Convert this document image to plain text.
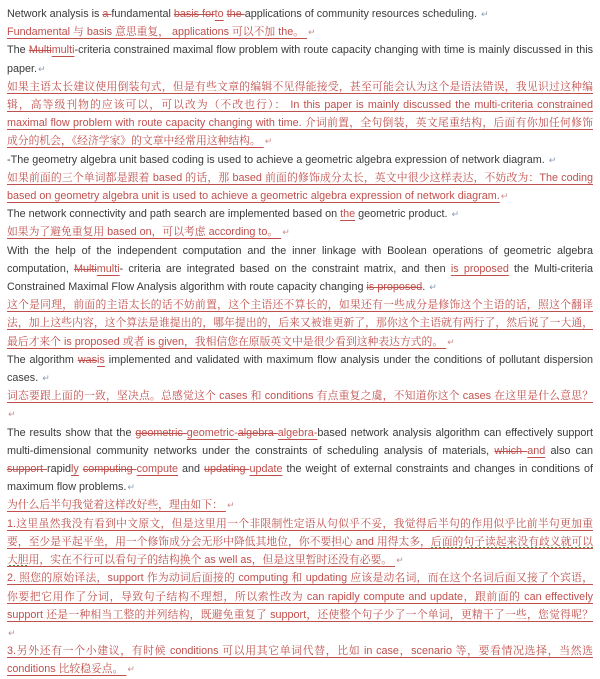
Network analysis is a fundamental basis forto the applications of community resources scheduling. ↵

Fundamental 与 basis 意思重复， applications 可以不加 the。 ↵

The Multimulti-criteria constrained maximal flow problem with route capacity changing with time is mainly discussed in this paper.↵

如果主语太长建议使用倒装句式，但是有些文章的编辑不见得能接受，甚至可能会认为这个是语法错误，我见识过这种编辑，高等级刊物的应该可以，可以改为（不改也行）： In this paper is mainly discussed the multi-criteria constrained maximal flow problem with route capacity changing with time. 介词前置，全句倒装，英文尾重结构，后面有你加任何修饰成分的机会，《经济学家》的文章中经常用这种结构。 ↵

-The geometry algebra unit based coding is used to achieve a geometric algebra expression of network diagram. ↵

如果前面的三个单词都是跟着 based 的话，那 based 前面的修饰成分太长，英文中很少这样表达，不妨改为：The coding based on geometry algebra unit is used to achieve a geometric algebra expression of network diagram.↵

The network connectivity and path search are implemented based on the geometric product. ↵

如果为了避免重复用 based on，可以考虑 according to。 ↵

With the help of the independent computation and the inner linkage with Boolean operations of geometric algebra computation, Multimulti- criteria are integrated based on the constraint matrix, and then is proposed the Multi-criteria Constrained Maximal Flow Analysis algorithm with route capacity changing is proposed. ↵

这个是同理，前面的主语太长的话不妨前置，这个主语还不算长的，如果还有一些成分是修饰这个主语的话，照这个翻译法，加上这些内容，这个算法是谁提出的，哪年提出的，后来又被谁更新了，那你这个主语就有两行了，然后说了一大通，最后才来个 is proposed 或者 is given，我相信您在原版英文中是很少看到这种表达方式的。 ↵

The algorithm wasis implemented and validated with maximum flow analysis under the conditions of pollutant dispersion cases. ↵

词态要跟上面的一致，坚决点。总感觉这个 cases 和 conditions 有点重复之虞，不知道你这个 cases 在这里是什么意思？ ↵

The results show that the geometric geometric-algebra algebra-based network analysis algorithm can effectively support multi-dimensional community networks under the constraints of scheduling analysis of materials, which and also can support rapidly computing compute and updating update the weight of external constraints and changes in conditions of maximum flow problems.↵

为什么后半句我觉着这样改好些，理由如下： ↵

1.这里虽然我没有看到中文原文，但是这里用一个非限制性定语从句似乎不妥，我觉得后半句的作用似乎比前半句更加重要，至少是平起平坐，用一个修饰成分会无形中降低其地位，你不要担心 and 用得太多，后面的句子读起来没有歧义就可以大胆用，实在不行可以看句子的结构换个 as well as，但是这里暂时还没有必要。 ↵

2. 照您的原始译法，support 作为动词后面接的 computing 和 updating 应该是动名词，而在这个名词后面又接了个宾语，你要把它用作了分词，导致句子结构不理想，所以索性改为 can rapidly compute and update，跟前面的 can effectively support 还是一种相当工整的并列结构，既避免重复了 support，还使整个句子少了一个单词，更精干了一些，您觉得呢？ ↵

3.另外还有一个小建议，有时候 conditions 可以用其它单词代替，比如 in case，scenario 等，要看情况选择，当然选 conditions 比较稳妥点。 ↵
